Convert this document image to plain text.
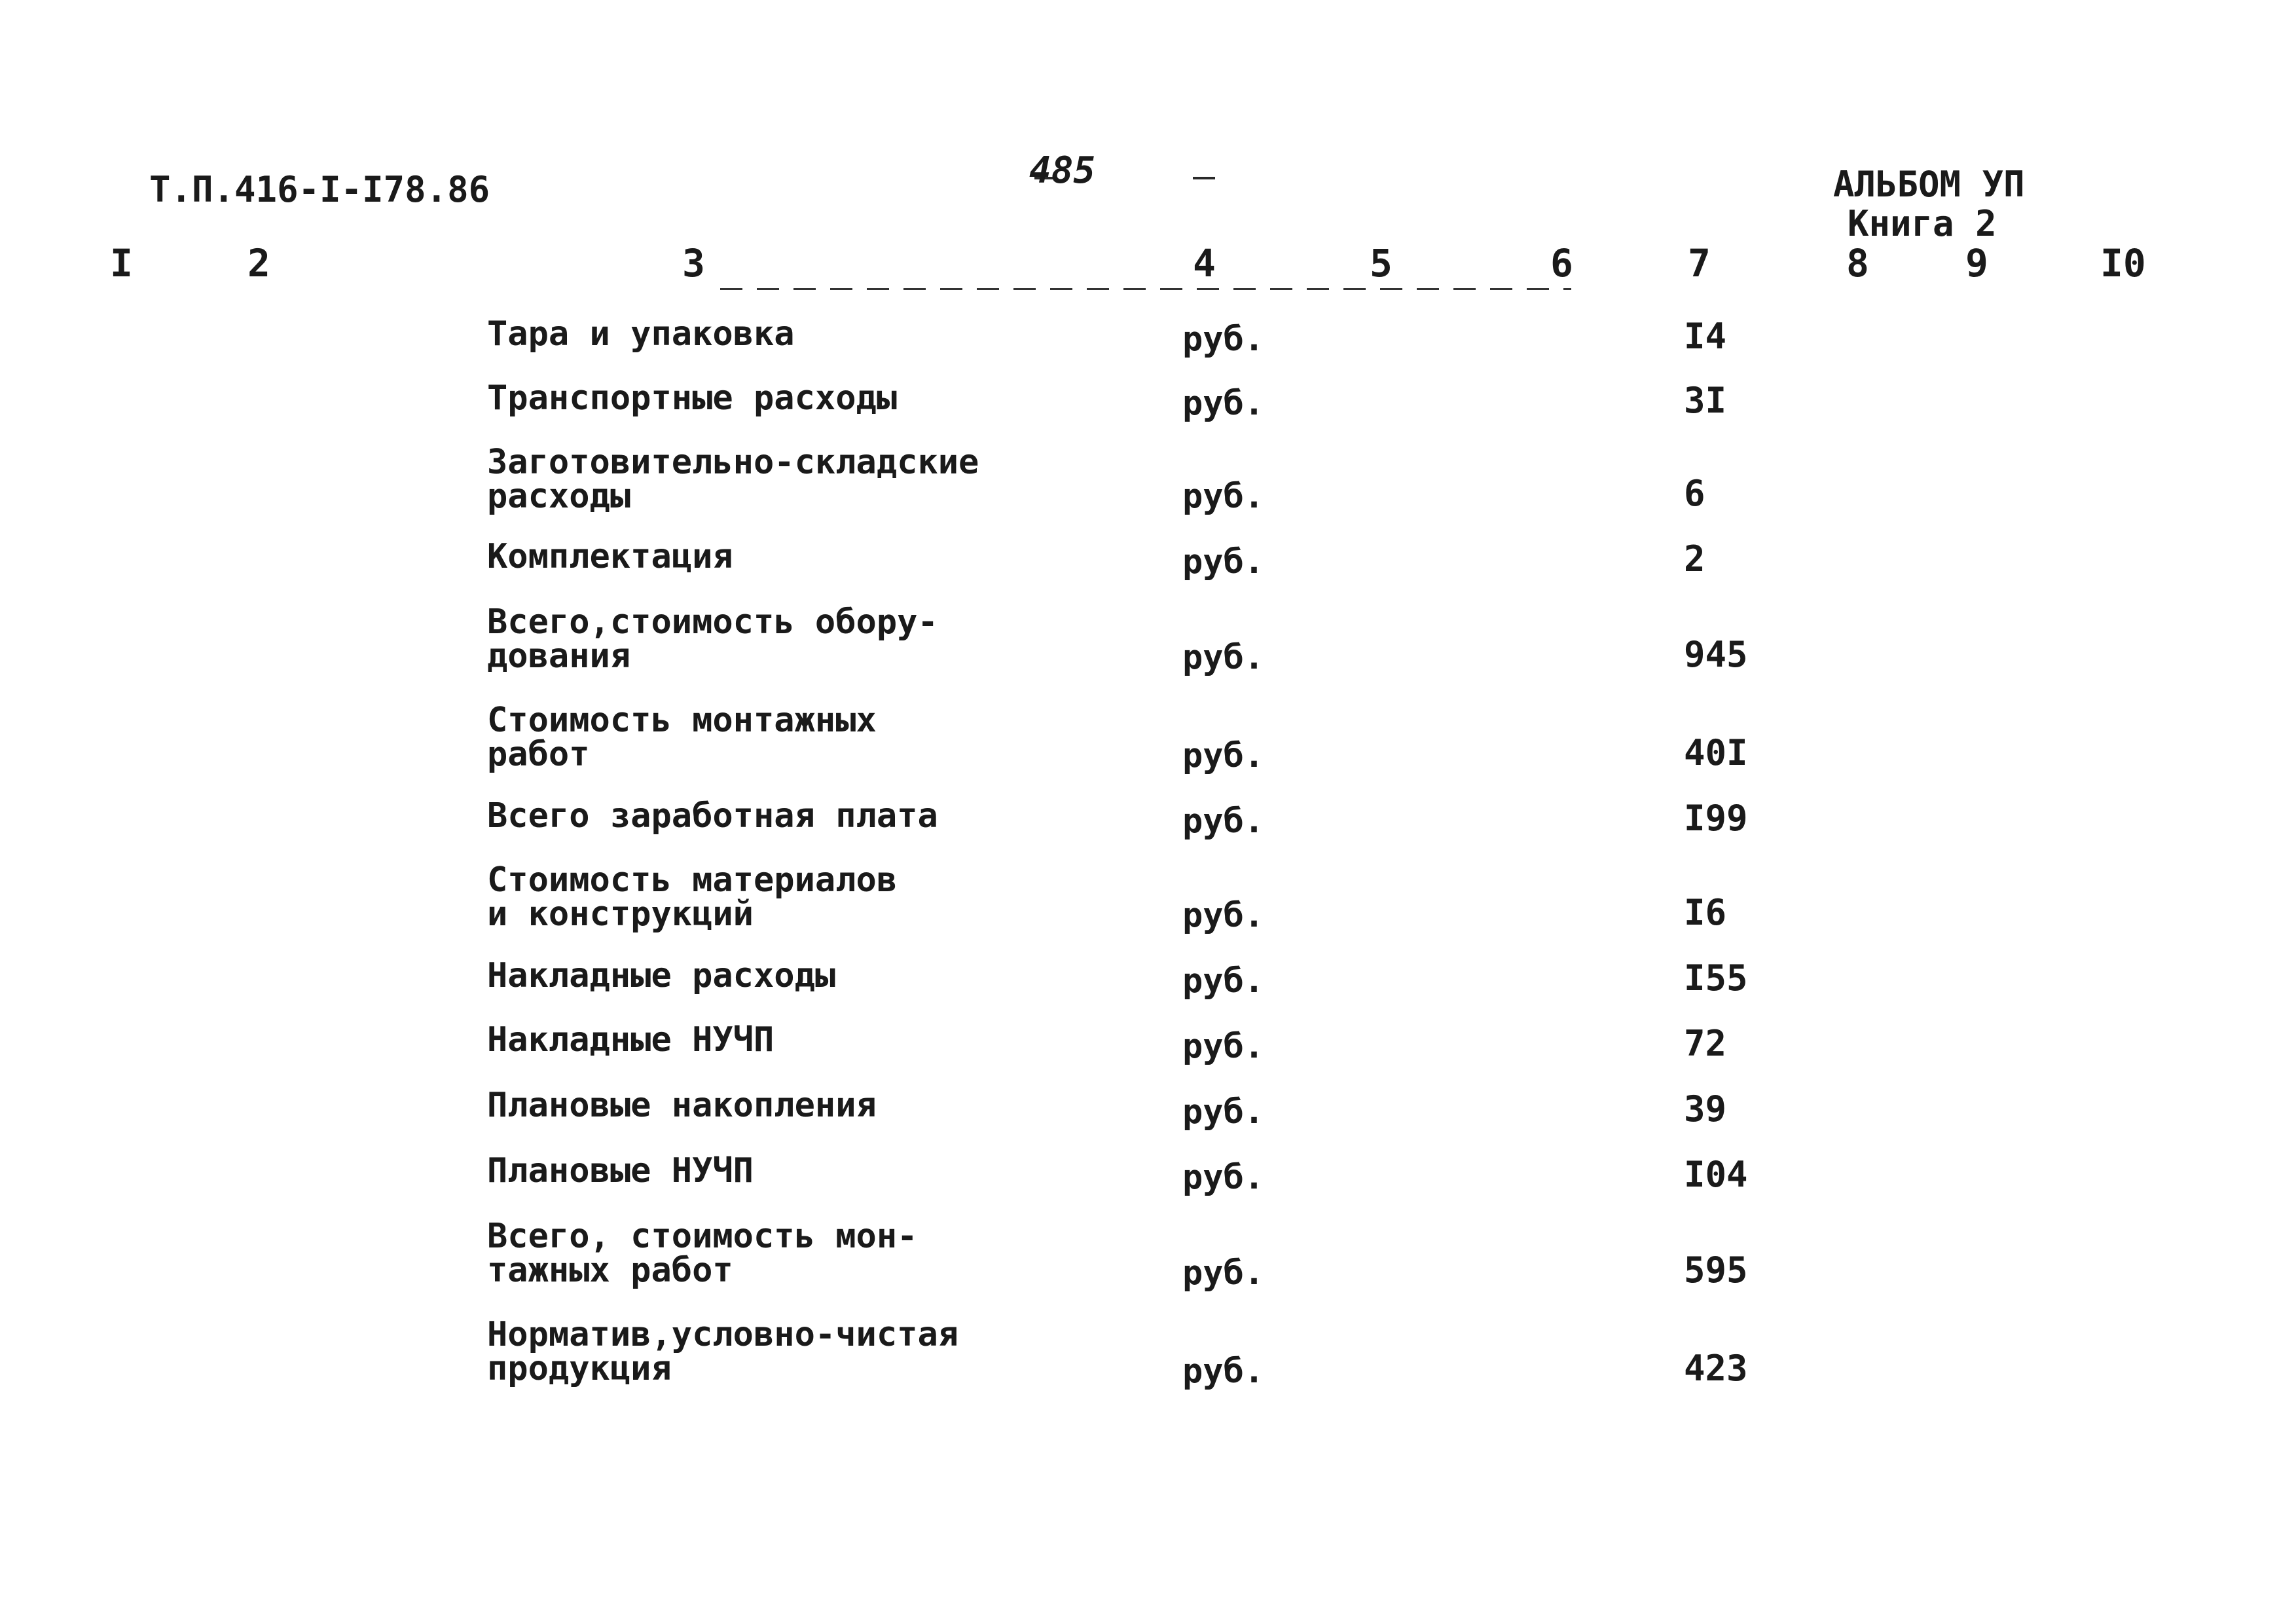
Т.П.416-I-I78.86	485	АЛЬБОМ УП
Книга 2
I	2	3	4	5	6	7	8	9	I0
Тара и упаковка	руб.	I4
Транспортные расходы	руб.	3I
Заготовительно-складские
расходы	руб.	6
Комплектация	руб.	2
Всего,стоимость обору-
дования	руб.	945
Стоимость монтажных
работ	руб.	40I
Всего заработная плата	руб.	I99
Стоимость материалов
и конструкций	руб.	I6
Накладные расходы	руб.	I55
Накладные НУЧП	руб.	72
Плановые накопления	руб.	39
Плановые НУЧП	руб.	I04
Всего, стоимость мон-
тажных работ	руб.	595
Норматив,условно-чистая
продукция	руб.	423
